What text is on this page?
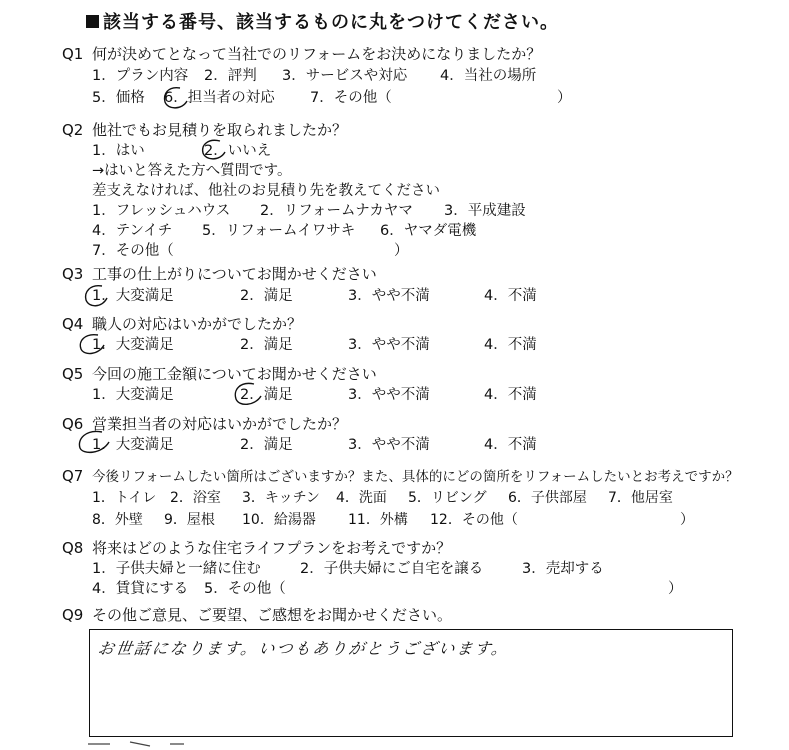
該当する番号、該当するものに丸をつけてください。
Q1 何が決めてとなって当社でのリフォームをお決めになりましたか？
1．プラン内容 2．評判 3．サービスや対応 4．当社の場所
5．価格 6．担当者の対応 7．その他（	）
Q2 他社でもお見積りを取られましたか？
1．はい	2．いいえ
→はいと答えた方へ質問です。
差支えなければ、他社のお見積り先を教えてください
1．フレッシュハウス 2．リフォームナカヤマ 3．平成建設
4．テンイチ 5．リフォームイワサキ 6．ヤマダ電機
7．その他（	）
Q3 工事の仕上がりについてお聞かせください
1．大変満足	2．満足	3．やや不満	4．不満
Q4 職人の対応はいかがでしたか？
1．大変満足	2．満足	3．やや不満	4．不満
Q5 今回の施工金額についてお聞かせください
1．大変満足	2．満足	3．やや不満	4．不満
Q6 営業担当者の対応はいかがでしたか？
1．大変満足	2．満足	3．やや不満	4．不満
Q7 今後リフォームしたい箇所はございますか？また、具体的にどの箇所をリフォームしたいとお考えですか？
1．トイレ 2．浴室 3．キッチン 4．洗面 5．リビング 6．子供部屋 7．他居室
8．外壁 9．屋根 10．給湯器 11．外構 12．その他（	）
Q8 将来はどのような住宅ライフプランをお考えですか？
1．子供夫婦と一緒に住む	2．子供夫婦にご自宅を譲る	3．売却する
4．賃貸にする 5．その他（	）
Q9 その他ご意見、ご要望、ご感想をお聞かせください。
お世話になります。いつもありがとうございます。
